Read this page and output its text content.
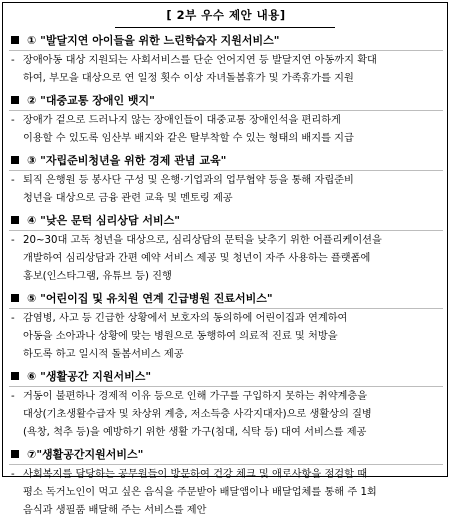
[ 2부 우수 제안 내용]
① "발달지연 아이들을 위한 느린학습자 지원서비스"
- 장애아동 대상 지원되는 사회서비스를 단순 언어지연 등 발달지연 아동까지 확대
하여, 부모을 대상으로 연 일정 횟수 이상 자녀돌봄휴가 및 가족휴가를 지원
② "대중교통 장애인 뱃지"
- 장애가 겉으로 드러나지 않는 장애인들이 대중교통 장애인석을 편리하게
이용할 수 있도록 임산부 배지와 같은 탈부착할 수 있는 형태의 배지를 지급
③ "자립준비청년을 위한 경제 관념 교육"
- 퇴직 은행원 등 봉사단 구성 및 은행·기업과의 업무협약 등을 통해 자립준비
청년을 대상으로 금융 관련 교육 및 멘토링 제공
④ "낮은 문턱 심리상담 서비스"
- 20~30대 고독 청년을 대상으로, 심리상담의 문턱을 낮추기 위한 어플리케이션을
개발하여 심리상담과 간편 예약 서비스 제공 및 청년이 자주 사용하는 플랫폼에
홍보(인스타그램, 유튜브 등) 진행
⑤ "어린이집 및 유치원 연계 긴급병원 진료서비스"
- 감염병, 사고 등 긴급한 상황에서 보호자의 동의하에 어린이집과 연계하여
아동을 소아과나 상황에 맞는 병원으로 동행하여 의료적 진료 및 처방을
하도록 하고 일시적 돌봄서비스 제공
⑥ "생활공간 지원서비스"
- 거동이 불편하나 경제적 이유 등으로 인해 가구를 구입하지 못하는 취약계층을
대상(기초생활수급자 및 차상위 계층, 저소득층 사각지대자)으로 생활상의 질병
(욕창, 척추 등)을 예방하기 위한 생활 가구(침대, 식탁 등) 대여 서비스를 제공
⑦"생활공간지원서비스"
- 사회복지를 담당하는 공무원들이 방문하여 건강 체크 및 애로사항을 점검할 때
평소 독거노인이 먹고 싶은 음식을 주문받아 배달앱이나 배달업체를 통해 주 1회
음식과 생필품 배달해 주는 서비스를 제안
